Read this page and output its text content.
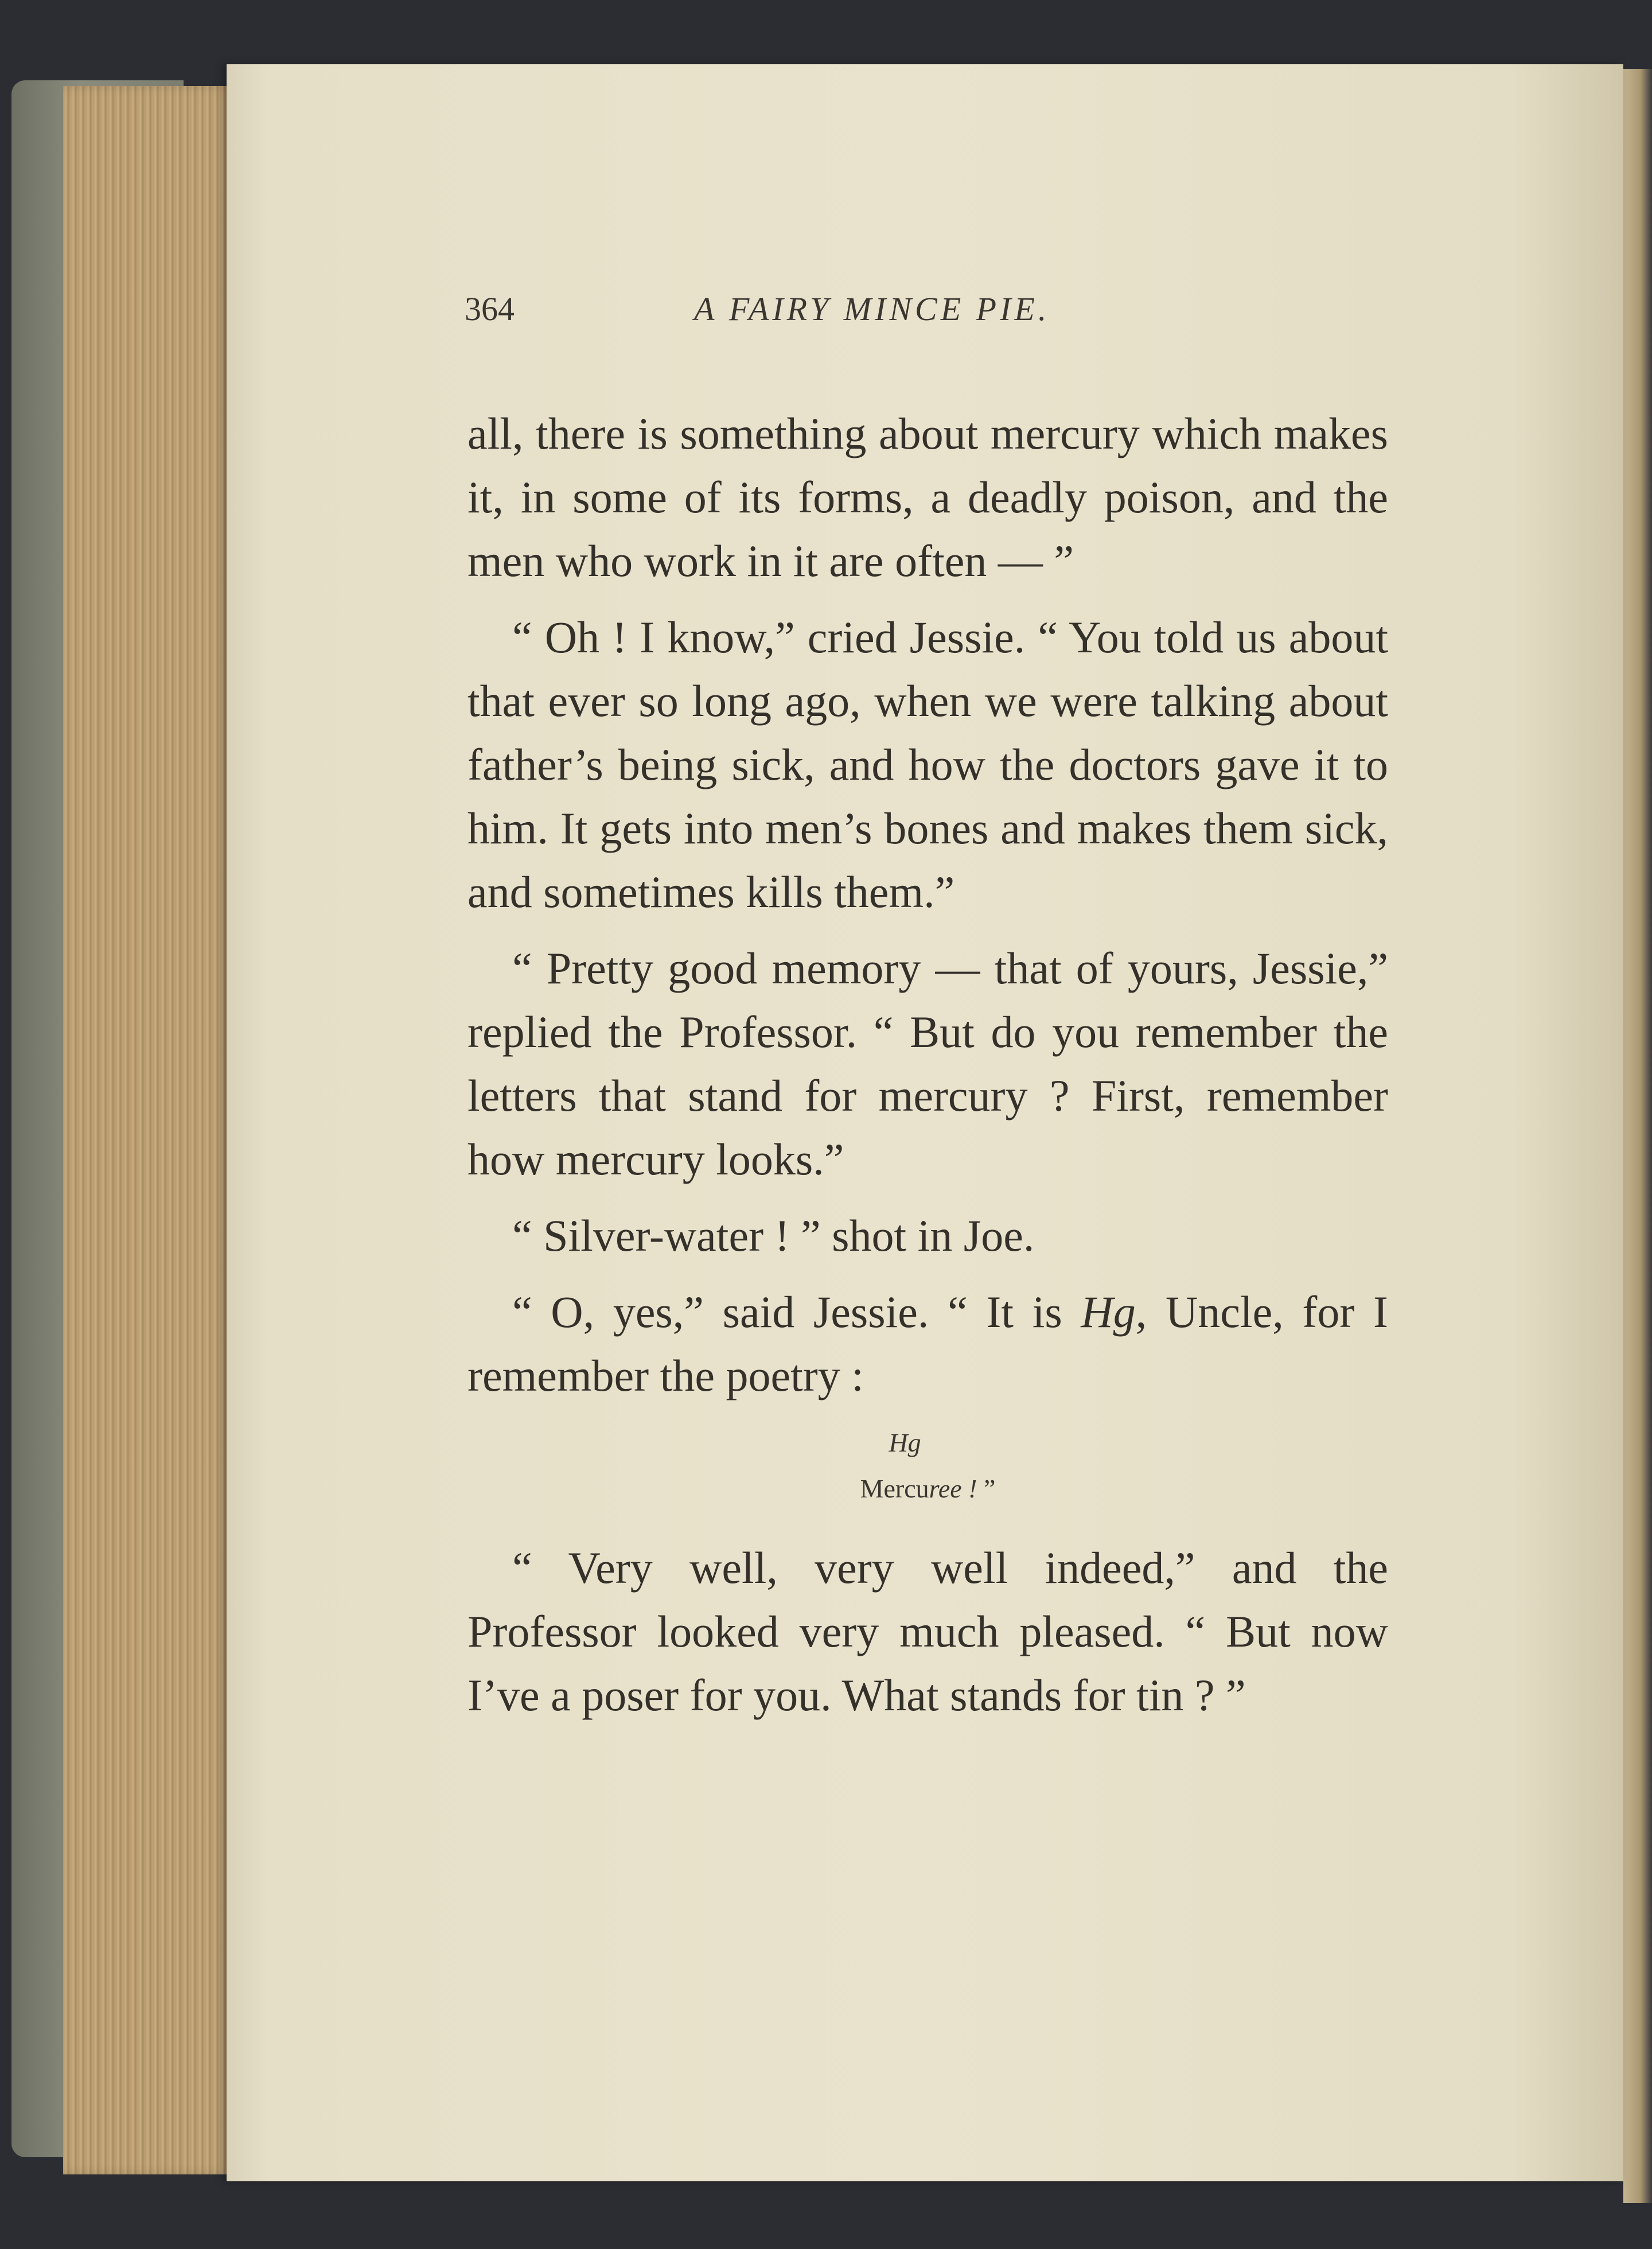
364	A FAIRY MINCE PIE.

all, there is something about mercury which makes it, in some of its forms, a deadly poison, and the men who work in it are often — ”

“ Oh ! I know,” cried Jessie. “ You told us about that ever so long ago, when we were talking about father’s being sick, and how the doctors gave it to him. It gets into men’s bones and makes them sick, and sometimes kills them.”

“ Pretty good memory — that of yours, Jessie,” replied the Professor. “ But do you remember the letters that stand for mercury ? First, remember how mercury looks.”

“ Silver-water ! ” shot in Joe.

“ O, yes,” said Jessie. “ It is Hg, Uncle, for I remember the poetry :

Hg
Mercuree ! ”

“ Very well, very well indeed,” and the Professor looked very much pleased. “ But now I’ve a poser for you. What stands for tin ? ”
